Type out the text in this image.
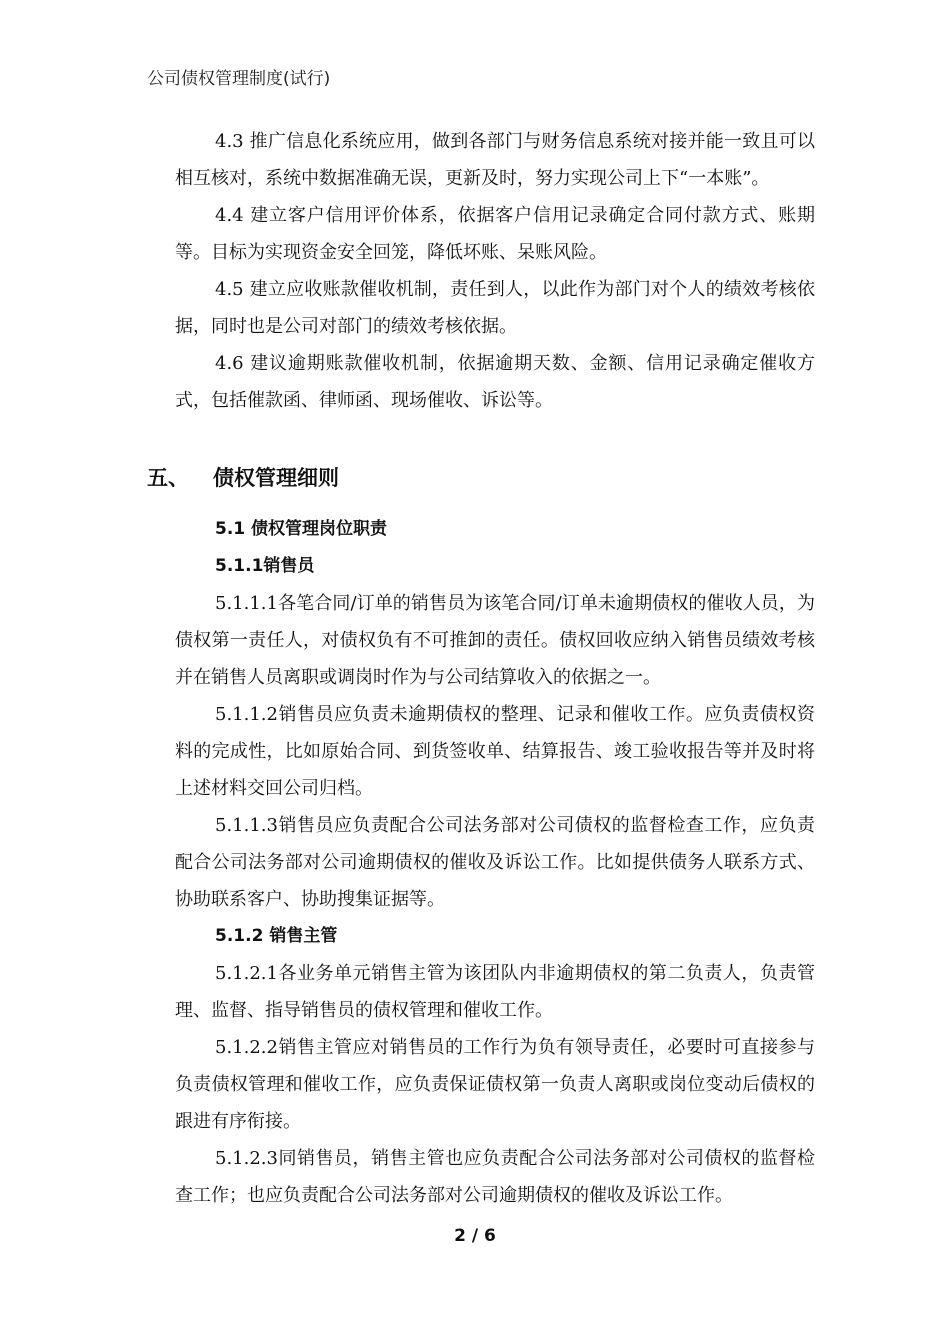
公司债权管理制度(试行)

4.3 推广信息化系统应用，做到各部门与财务信息系统对接并能一致且可以相互核对，系统中数据准确无误，更新及时，努力实现公司上下“一本账”。

4.4 建立客户信用评价体系，依据客户信用记录确定合同付款方式、账期等。目标为实现资金安全回笼，降低坏账、呆账风险。

4.5 建立应收账款催收机制，责任到人，以此作为部门对个人的绩效考核依据，同时也是公司对部门的绩效考核依据。

4.6 建议逾期账款催收机制，依据逾期天数、金额、信用记录确定催收方式，包括催款函、律师函、现场催收、诉讼等。

五、 债权管理细则

5.1 债权管理岗位职责

5.1.1销售员

5.1.1.1各笔合同/订单的销售员为该笔合同/订单未逾期债权的催收人员，为债权第一责任人，对债权负有不可推卸的责任。债权回收应纳入销售员绩效考核并在销售人员离职或调岗时作为与公司结算收入的依据之一。

5.1.1.2销售员应负责未逾期债权的整理、记录和催收工作。应负责债权资料的完成性，比如原始合同、到货签收单、结算报告、竣工验收报告等并及时将上述材料交回公司归档。

5.1.1.3销售员应负责配合公司法务部对公司债权的监督检查工作，应负责配合公司法务部对公司逾期债权的催收及诉讼工作。比如提供债务人联系方式、协助联系客户、协助搜集证据等。

5.1.2 销售主管

5.1.2.1各业务单元销售主管为该团队内非逾期债权的第二负责人，负责管理、监督、指导销售员的债权管理和催收工作。

5.1.2.2销售主管应对销售员的工作行为负有领导责任，必要时可直接参与负责债权管理和催收工作，应负责保证债权第一负责人离职或岗位变动后债权的跟进有序衔接。

5.1.2.3同销售员，销售主管也应负责配合公司法务部对公司债权的监督检查工作；也应负责配合公司法务部对公司逾期债权的催收及诉讼工作。

2 / 6
